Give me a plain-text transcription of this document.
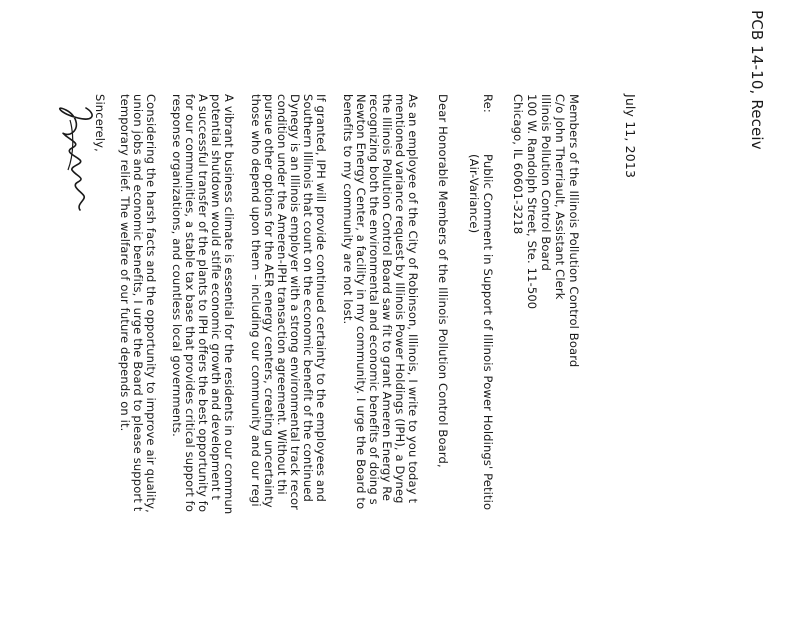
PCB 14-10, Receiv
July 11, 2013
Members of the Illinois Pollution Control Board
C/o John Therriault, Assistant Clerk
Illinois Pollution Control Board
100 W. Randolph Street, Ste. 11-500
Chicago, IL 60601-3218
Re:
Public Comment in Support of Illinois Power Holdings' Petitio
(Air-Variance)
Dear Honorable Members of the Illinois Pollution Control Board,
As an employee of the City of Robinson, Illinois, I write to you today t
mentioned variance request by Illinois Power Holdings (IPH), a Dyneg
the Illinois Pollution Control Board saw fit to grant Ameren Energy Re
recognizing both the environmental and economic benefits of doing s
Newton Energy Center, a facility in my community. I urge the Board to
benefits to my community are not lost.
If granted, IPH will provide continued certainty to the employees and
Southern Illinois that count on the economic benefit of the continued
Dynegy is an Illinois employer with a strong environmental track recor
condition under the Ameren-IPH transaction agreement. Without thi
pursue other options for the AER energy centers, creating uncertainty
those who depend upon them – including our community and our regi
A vibrant business climate is essential for the residents in our commun
potential shutdown would stifle economic growth and development t
A successful transfer of the plants to IPH offers the best opportunity fo
for our communities, a stable tax base that provides critical support fo
response organizations, and countless local governments.
Considering the harsh facts and the opportunity to improve air quality,
union jobs and economic benefits, I urge the Board to please support t
temporary relief. The welfare of our future depends on it.
Sincerely,
